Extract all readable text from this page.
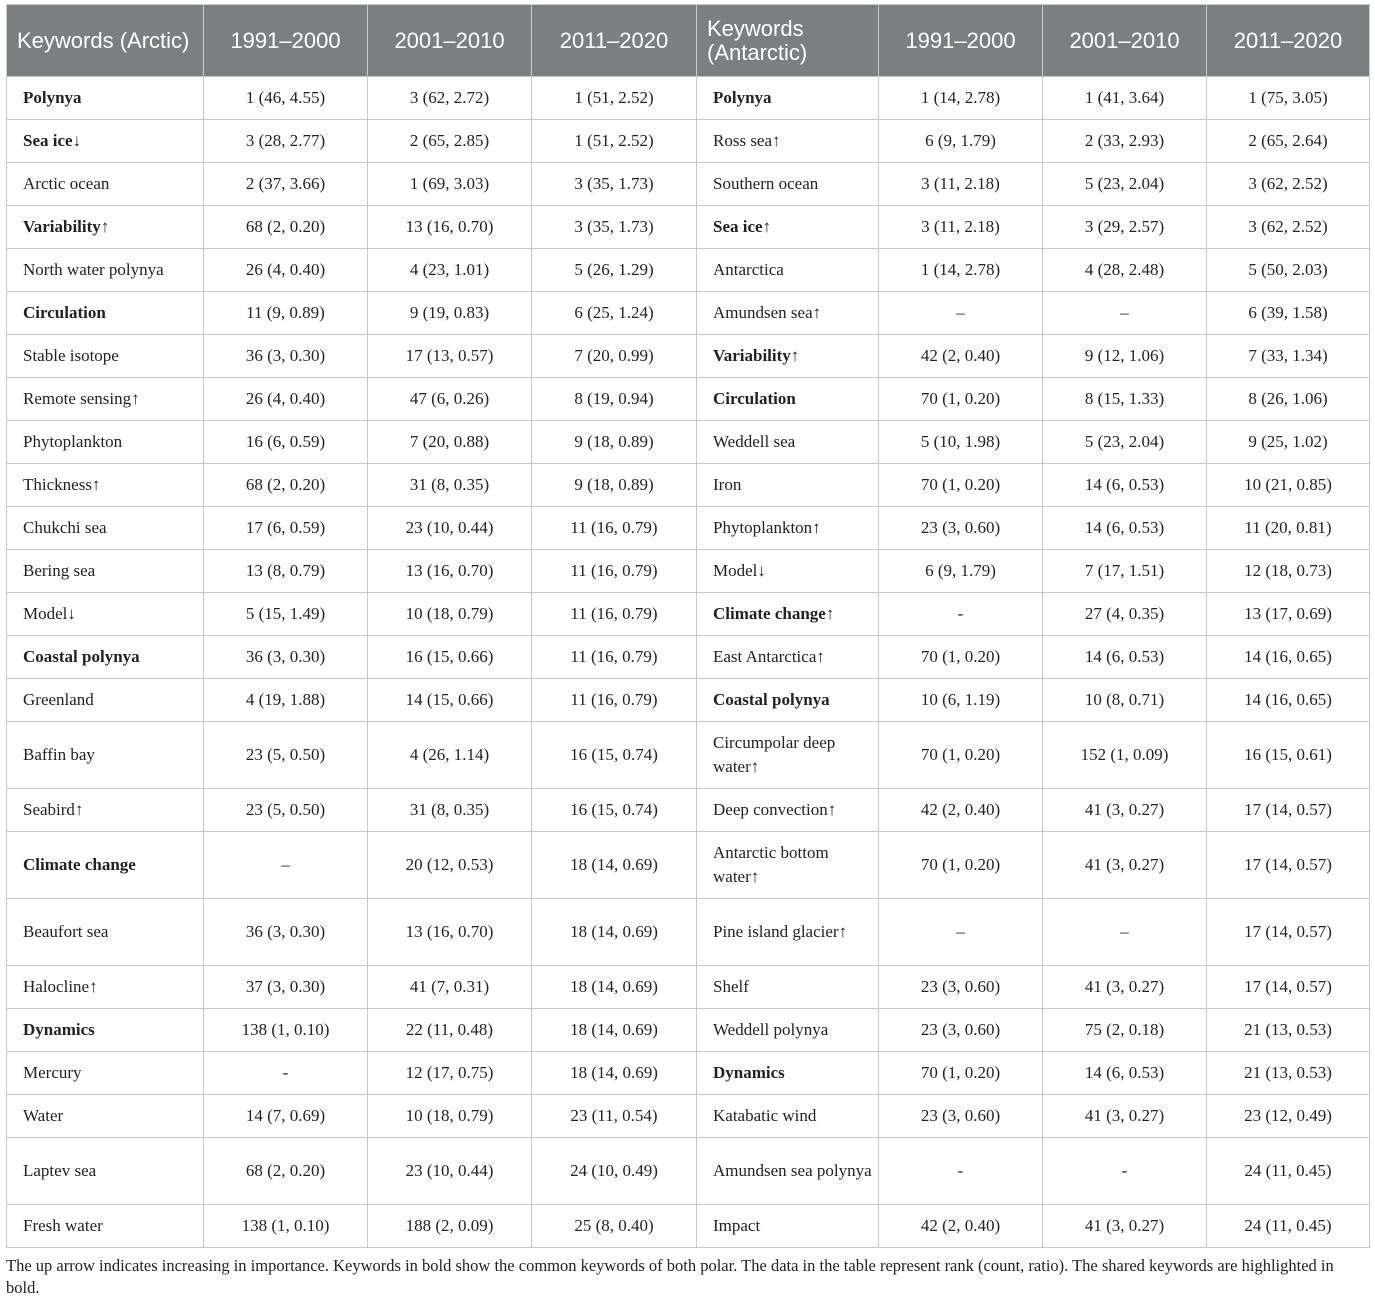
Keywords (Arctic)	1991–2000	2001–2010	2011–2020	Keywords (Antarctic)	1991–2000	2001–2010	2011–2020
Polynya	1 (46, 4.55)	3 (62, 2.72)	1 (51, 2.52)	Polynya	1 (14, 2.78)	1 (41, 3.64)	1 (75, 3.05)
Sea ice↓	3 (28, 2.77)	2 (65, 2.85)	1 (51, 2.52)	Ross sea↑	6 (9, 1.79)	2 (33, 2.93)	2 (65, 2.64)
Arctic ocean	2 (37, 3.66)	1 (69, 3.03)	3 (35, 1.73)	Southern ocean	3 (11, 2.18)	5 (23, 2.04)	3 (62, 2.52)
Variability↑	68 (2, 0.20)	13 (16, 0.70)	3 (35, 1.73)	Sea ice↑	3 (11, 2.18)	3 (29, 2.57)	3 (62, 2.52)
North water polynya	26 (4, 0.40)	4 (23, 1.01)	5 (26, 1.29)	Antarctica	1 (14, 2.78)	4 (28, 2.48)	5 (50, 2.03)
Circulation	11 (9, 0.89)	9 (19, 0.83)	6 (25, 1.24)	Amundsen sea↑	–	–	6 (39, 1.58)
Stable isotope	36 (3, 0.30)	17 (13, 0.57)	7 (20, 0.99)	Variability↑	42 (2, 0.40)	9 (12, 1.06)	7 (33, 1.34)
Remote sensing↑	26 (4, 0.40)	47 (6, 0.26)	8 (19, 0.94)	Circulation	70 (1, 0.20)	8 (15, 1.33)	8 (26, 1.06)
Phytoplankton	16 (6, 0.59)	7 (20, 0.88)	9 (18, 0.89)	Weddell sea	5 (10, 1.98)	5 (23, 2.04)	9 (25, 1.02)
Thickness↑	68 (2, 0.20)	31 (8, 0.35)	9 (18, 0.89)	Iron	70 (1, 0.20)	14 (6, 0.53)	10 (21, 0.85)
Chukchi sea	17 (6, 0.59)	23 (10, 0.44)	11 (16, 0.79)	Phytoplankton↑	23 (3, 0.60)	14 (6, 0.53)	11 (20, 0.81)
Bering sea	13 (8, 0.79)	13 (16, 0.70)	11 (16, 0.79)	Model↓	6 (9, 1.79)	7 (17, 1.51)	12 (18, 0.73)
Model↓	5 (15, 1.49)	10 (18, 0.79)	11 (16, 0.79)	Climate change↑	-	27 (4, 0.35)	13 (17, 0.69)
Coastal polynya	36 (3, 0.30)	16 (15, 0.66)	11 (16, 0.79)	East Antarctica↑	70 (1, 0.20)	14 (6, 0.53)	14 (16, 0.65)
Greenland	4 (19, 1.88)	14 (15, 0.66)	11 (16, 0.79)	Coastal polynya	10 (6, 1.19)	10 (8, 0.71)	14 (16, 0.65)
Baffin bay	23 (5, 0.50)	4 (26, 1.14)	16 (15, 0.74)	Circumpolar deep water↑	70 (1, 0.20)	152 (1, 0.09)	16 (15, 0.61)
Seabird↑	23 (5, 0.50)	31 (8, 0.35)	16 (15, 0.74)	Deep convection↑	42 (2, 0.40)	41 (3, 0.27)	17 (14, 0.57)
Climate change	–	20 (12, 0.53)	18 (14, 0.69)	Antarctic bottom water↑	70 (1, 0.20)	41 (3, 0.27)	17 (14, 0.57)
Beaufort sea	36 (3, 0.30)	13 (16, 0.70)	18 (14, 0.69)	Pine island glacier↑	–	–	17 (14, 0.57)
Halocline↑	37 (3, 0.30)	41 (7, 0.31)	18 (14, 0.69)	Shelf	23 (3, 0.60)	41 (3, 0.27)	17 (14, 0.57)
Dynamics	138 (1, 0.10)	22 (11, 0.48)	18 (14, 0.69)	Weddell polynya	23 (3, 0.60)	75 (2, 0.18)	21 (13, 0.53)
Mercury	-	12 (17, 0.75)	18 (14, 0.69)	Dynamics	70 (1, 0.20)	14 (6, 0.53)	21 (13, 0.53)
Water	14 (7, 0.69)	10 (18, 0.79)	23 (11, 0.54)	Katabatic wind	23 (3, 0.60)	41 (3, 0.27)	23 (12, 0.49)
Laptev sea	68 (2, 0.20)	23 (10, 0.44)	24 (10, 0.49)	Amundsen sea polynya	-	-	24 (11, 0.45)
Fresh water	138 (1, 0.10)	188 (2, 0.09)	25 (8, 0.40)	Impact	42 (2, 0.40)	41 (3, 0.27)	24 (11, 0.45)
The up arrow indicates increasing in importance. Keywords in bold show the common keywords of both polar. The data in the table represent rank (count, ratio). The shared keywords are highlighted in bold.
